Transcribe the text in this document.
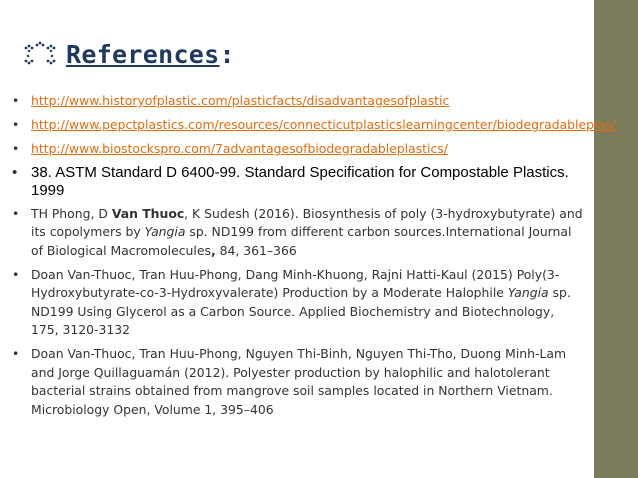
References:
• http://www.historyofplastic.com/plasticfacts/disadvantagesofplastic
• http://www.pepctplastics.com/resources/connecticutplasticslearningcenter/biodegradableplas/
• http://www.biostockspro.com/7advantagesofbiodegradableplastics/
• 38. ASTM Standard D 6400-99. Standard Specification for Compostable Plastics. 1999
• TH Phong, D Van Thuoc, K Sudesh (2016). Biosynthesis of poly (3-hydroxybutyrate) and its copolymers by Yangia sp. ND199 from different carbon sources.International Journal of Biological Macromolecules, 84, 361–366
• Doan Van-Thuoc, Tran Huu-Phong, Dang Minh-Khuong, Rajni Hatti-Kaul (2015) Poly(3-Hydroxybutyrate-co-3-Hydroxyvalerate) Production by a Moderate Halophile Yangia sp. ND199 Using Glycerol as a Carbon Source. Applied Biochemistry and Biotechnology, 175, 3120-3132
• Doan Van-Thuoc, Tran Huu-Phong, Nguyen Thi-Binh, Nguyen Thi-Tho, Duong Minh-Lam and Jorge Quillaguamán (2012). Polyester production by halophilic and halotolerant bacterial strains obtained from mangrove soil samples located in Northern Vietnam. Microbiology Open, Volume 1, 395–406
